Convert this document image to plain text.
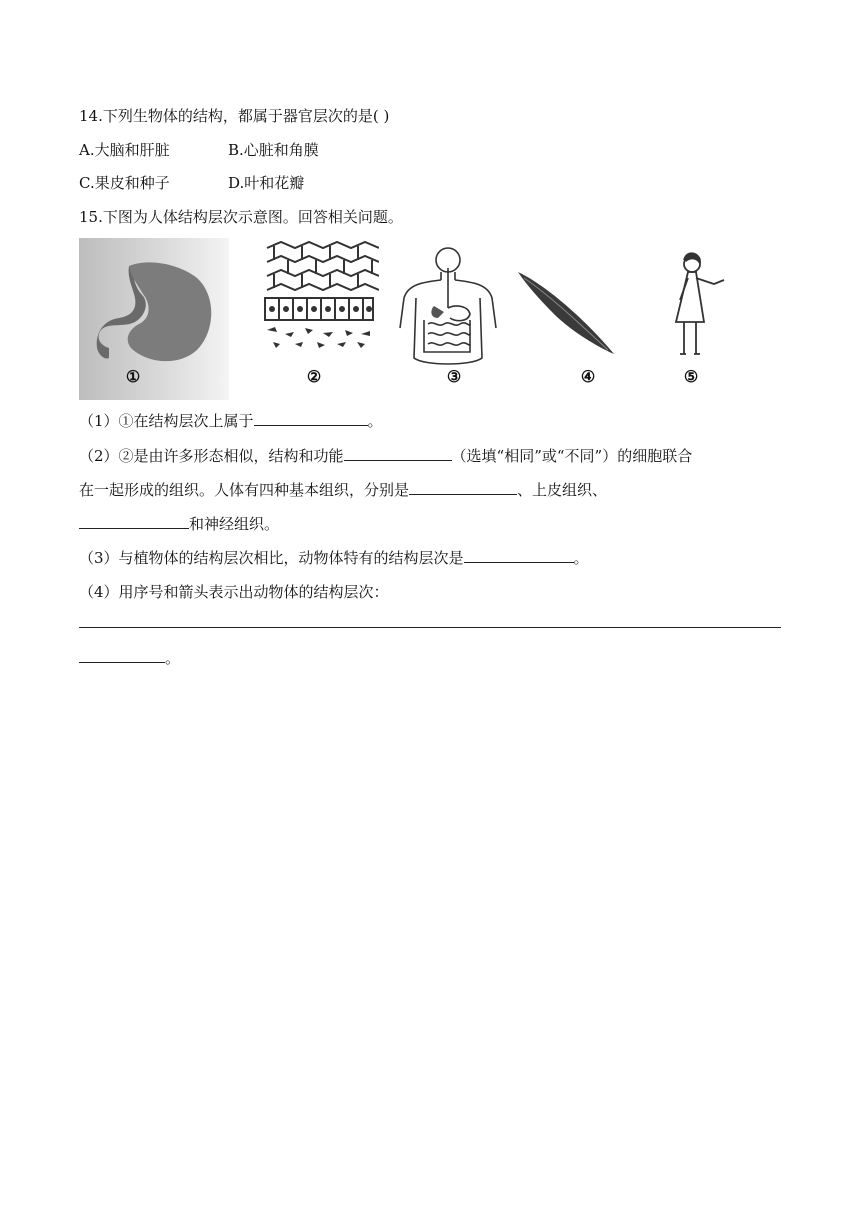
14.下列生物体的结构，都属于器官层次的是( )
A.大脑和肝脏	B.心脏和角膜
C.果皮和种子	D.叶和花瓣
15.下图为人体结构层次示意图。回答相关问题。
①	②	③	④	⑤
（1）①在结构层次上属于	。
（2）②是由许多形态相似，结构和功能	（选填“相同”或“不同”）的细胞联合
在一起形成的组织。人体有四种基本组织，分别是	、上皮组织、
和神经组织。
（3）与植物体的结构层次相比，动物体特有的结构层次是	。
（4）用序号和箭头表示出动物体的结构层次：
。
